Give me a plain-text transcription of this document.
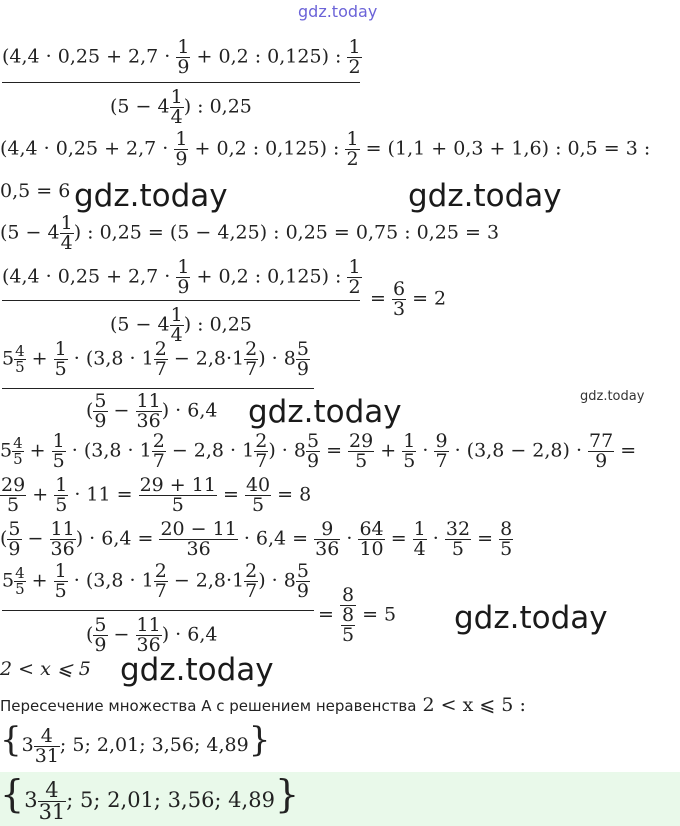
gdz.today
($4,4 \cdot 0,25 + 2,7 \cdot \frac{1}{9} + 0,2$ : 0,125) : $\frac{1}{2}$
($5 - 4 \frac{1}{4}$ ) : 0,25
($4,4 \cdot 0,25 + 2,7 \cdot \frac{1}{9} + 0,2$ : 0,125) : $\frac{1}{2} = (1,1 + 0,3 + 1,6)$ : 0,5 = 3 :
0,5 = 6 gdz.today	gdz.today
($5 - 4 \frac{1}{4}$ ) : 0,25 = (5 − 4,25) : 0,25 = 0,75 : 0,25 = 3
($4,4 \cdot 0,25 + 2,7 \cdot \frac{1}{9} + 0,2$ : 0,125) : $\frac{1}{2}$
($5 - 4 \frac{1}{4}$ ) : 0,25
= $\frac{6}{3} = 2$
$5 \frac{4}{5} + \frac{1}{5} \cdot (3,8 \cdot 1 \frac{2}{7} - 2,8\cdot 1 \frac{2}{7}$ ) · $8 \frac{5}{9}$
( $\frac{5}{9} - \frac{11}{36}$ ) · 6,4
gdz.today
gdz.today
$5 \frac{4}{5} + \frac{1}{5} \cdot (3,8 \cdot 1 \frac{2}{7} - 2,8 \cdot 1 \frac{2}{7}$ ) · $8 \frac{5}{9} = \frac{29}{5} + \frac{1}{5} \cdot \frac{9}{7} \cdot (3,8 - 2,8) \cdot \frac{77}{9}$ =
$\frac{29}{5} + \frac{1}{5} \cdot 11 = \frac{29 + 11}{5} = \frac{40}{5} = 8$
( $\frac{5}{9} - \frac{11}{36}$ ) · $6,4 = \frac{20 - 11}{36} \cdot 6,4 = \frac{9}{36} \cdot \frac{64}{10} = \frac{1}{4} \cdot \frac{32}{5} = \frac{8}{5}$
$5 \frac{4}{5} + \frac{1}{5} \cdot (3,8 \cdot 1 \frac{2}{7} - 2,8\cdot 1 \frac{2}{7}$ ) · $8 \frac{5}{9}$
( $\frac{5}{9} - \frac{11}{36}$ ) · 6,4
= $\frac{8}{\frac{8}{5}} = 5$ gdz.today
2 < x ⩽ 5 gdz.today
Пересечение множества A с решением неравенства 2 < x ⩽ 5 :
{$3 \frac{4}{31}$ ; 5; 2,01; 3,56; 4,89}
{$3 \frac{4}{31}$ ; 5; 2,01; 3,56; 4,89}
